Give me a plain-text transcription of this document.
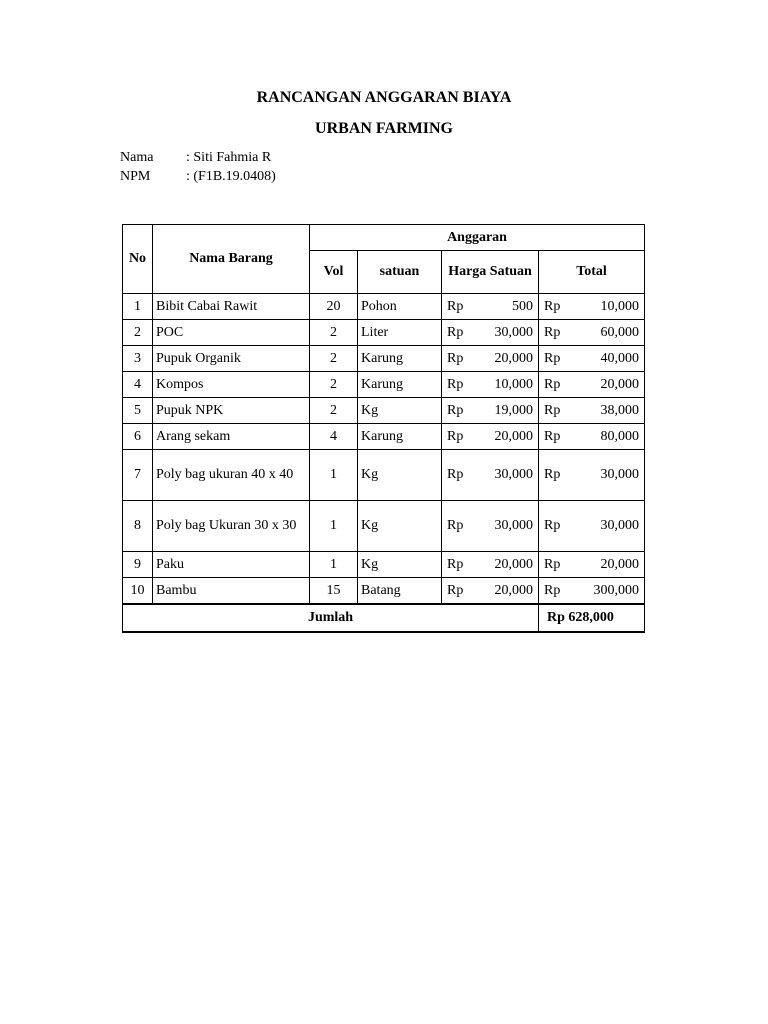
RANCANGAN ANGGARAN BIAYA
URBAN FARMING
Nama : Siti Fahmia R
NPM	: (F1B.19.0408)
No	Nama Barang	Anggaran			
		Vol	satuan	Harga Satuan	Total
1	Bibit Cabai Rawit	20	Pohon	Rp 500	Rp 10,000

2	POC	2	Liter	Rp 30,000	Rp 60,000

3	Pupuk Organik	2	Karung	Rp 20,000	Rp 40,000

4	Kompos	2	Karung	Rp 10,000	Rp 20,000

5	Pupuk NPK	2	Kg	Rp 19,000	Rp 38,000

6	Arang sekam	4	Karung	Rp 20,000	Rp 80,000

7	Poly bag ukuran 40 x 40	1	Kg	Rp 30,000	Rp 30,000

8	Poly bag Ukuran 30 x 30	1	Kg	Rp 30,000	Rp 30,000

9	Paku	1	Kg	Rp 20,000	Rp 20,000

10	Bambu	15	Batang	Rp 20,000	Rp 300,000

Jumlah					Rp 628,000
